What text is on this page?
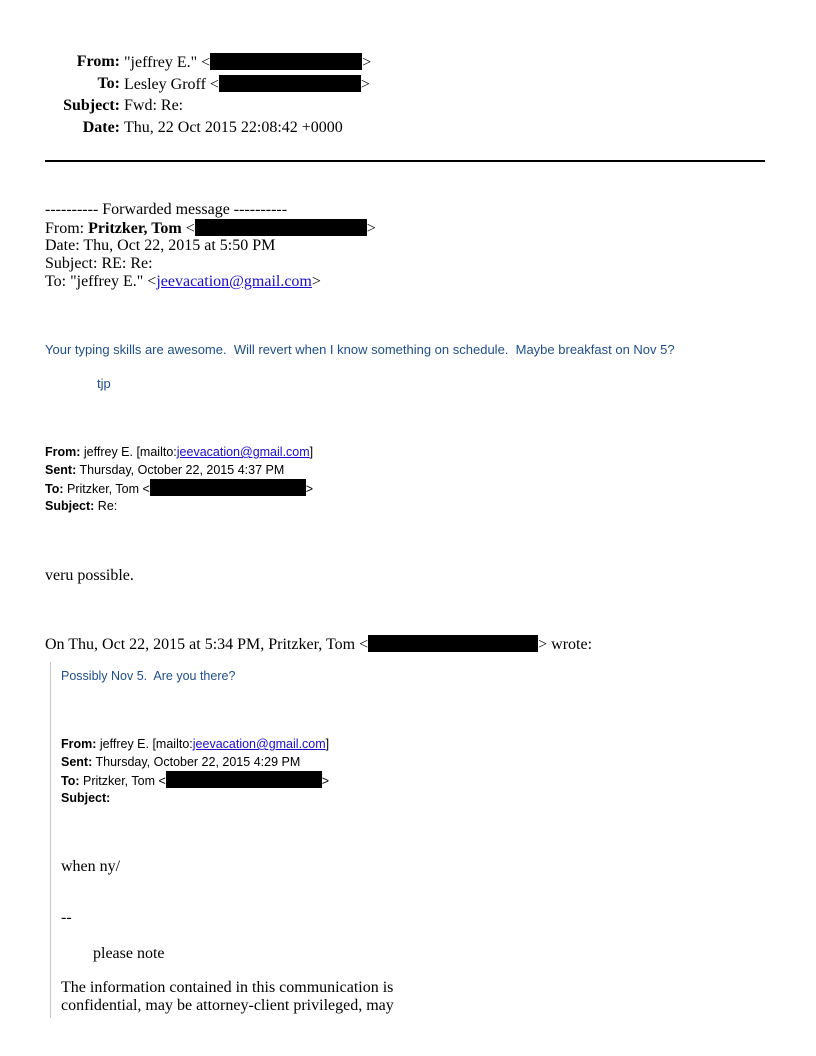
From: "jeffrey E." <	>
To: Lesley Groff <	>
Subject: Fwd: Re:
Date: Thu, 22 Oct 2015 22:08:42 +0000
---------- Forwarded message ----------
From: Pritzker, Tom <	>
Date: Thu, Oct 22, 2015 at 5:50 PM
Subject: RE: Re:
To: "jeffrey E." <jeevacation@gmail.com>
Your typing skills are awesome.  Will revert when I know something on schedule.  Maybe breakfast on Nov 5?
tjp
From: jeffrey E. [mailto:jeevacation@gmail.com]
Sent: Thursday, October 22, 2015 4:37 PM
To: Pritzker, Tom <	>
Subject: Re:
veru possible.
On Thu, Oct 22, 2015 at 5:34 PM, Pritzker, Tom <	> wrote:
Possibly Nov 5.  Are you there?
From: jeffrey E. [mailto:jeevacation@gmail.com]
Sent: Thursday, October 22, 2015 4:29 PM
To: Pritzker, Tom <	>
Subject:
when ny/
--
please note
The information contained in this communication is
confidential, may be attorney-client privileged, may
